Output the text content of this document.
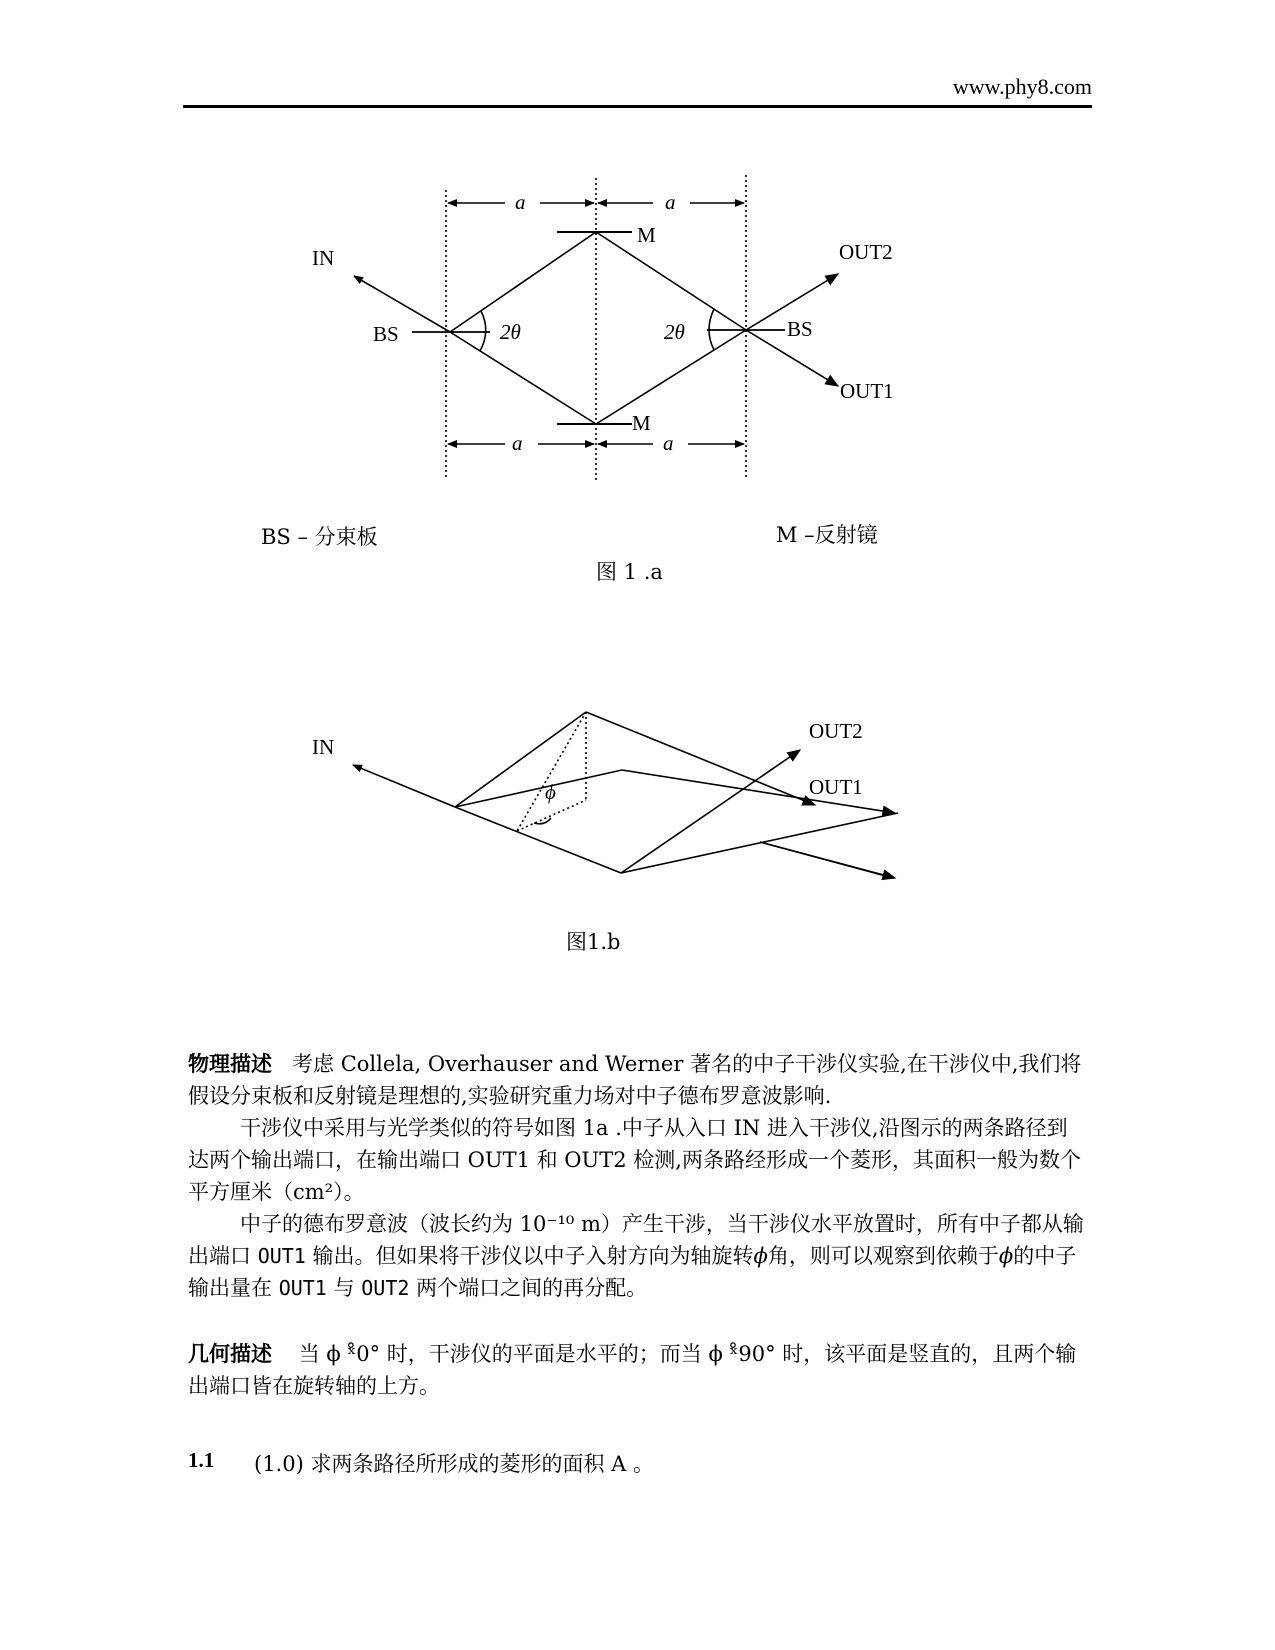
www.phy8.com
IN	OUT2
OUT1
BS	BS
M
M
2θ	2θ
a	a
a	a
BS – 分束板	M –反射镜
图 1 .a
IN
OUT2
OUT1
ϕ
图1.b
物理描述 考虑 Collela, Overhauser and Werner 著名的中子干涉仪实验,在干涉仪中,我们将假设分束板和反射镜是理想的,实验研究重力场对中子德布罗意波影响.
干涉仪中采用与光学类似的符号如图 1a .中子从入口 IN 进入干涉仪,沿图示的两条路径到达两个输出端口，在输出端口 OUT1 和 OUT2 检测,两条路经形成一个菱形，其面积一般为数个平方厘米（cm²）。
中子的德布罗意波（波长约为 10⁻¹⁰ m）产生干涉，当干涉仪水平放置时，所有中子都从输出端口 OUT1 输出。但如果将干涉仪以中子入射方向为轴旋转ϕ角，则可以观察到依赖于ϕ的中子输出量在 OUT1 与 OUT2 两个端口之间的再分配。
几何描述 当 ϕ ˣ̊0° 时，干涉仪的平面是水平的；而当 ϕ ˣ̊90° 时，该平面是竖直的，且两个输出端口皆在旋转轴的上方。
1.1 (1.0) 求两条路径所形成的菱形的面积 A 。
